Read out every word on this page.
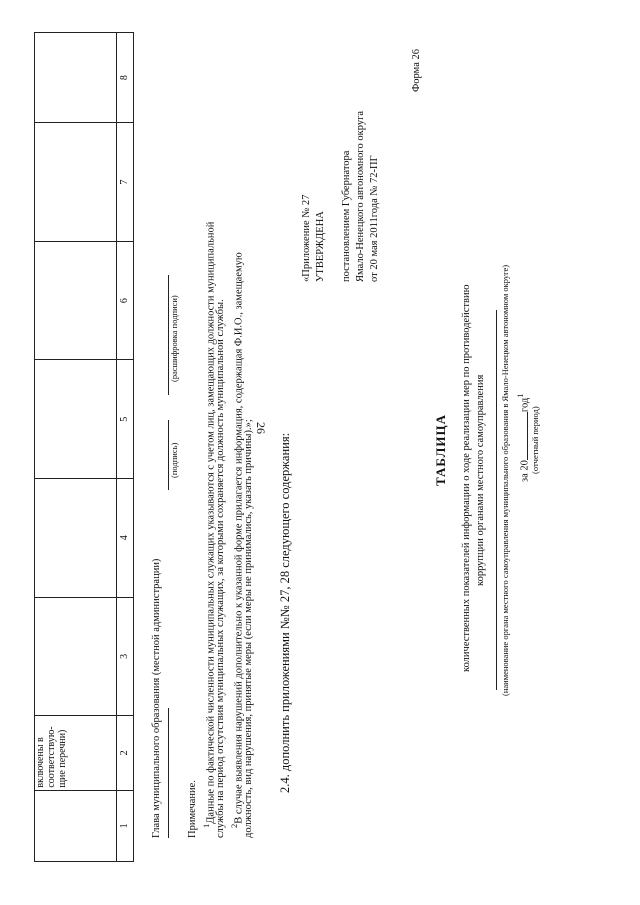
26

	включены в соответствую- щие перечни)						

1	2	3	4	5	6	7	8
Глава муниципального образования (местной администрации)
(подпись)
(расшифровка подписи)
Примечание. $^1$Данные по фактической численности муниципальных служащих указываются с учетом лиц, замещающих должности муниципальной
службы на период отсутствия муниципальных служащих, за которыми сохраняется должность муниципальной службы. $^2$В случае выявления нарушений дополнительно к указанной форме прилагается информация, содержащая Ф.И.О., замещаемую
должность, вид нарушения, принятые меры (если меры не принимались, указать причины).»; 2.4. дополнить приложениями №№ 27, 28 следующего содержания:
«Приложение № 27 УТВЕРЖДЕНА постановлением Губернатора Ямало-Ненецкого автономного округа от 20 мая 2011года № 72-ПГ
Форма 26
ТАБЛИЦА количественных показателей информации о ходе реализации мер по противодействию коррупции органами местного самоуправления (наименование органа местного самоуправления муниципального образования в Ямало-Ненецком автономном округе) за 20год$^1$
(отчетный период)
